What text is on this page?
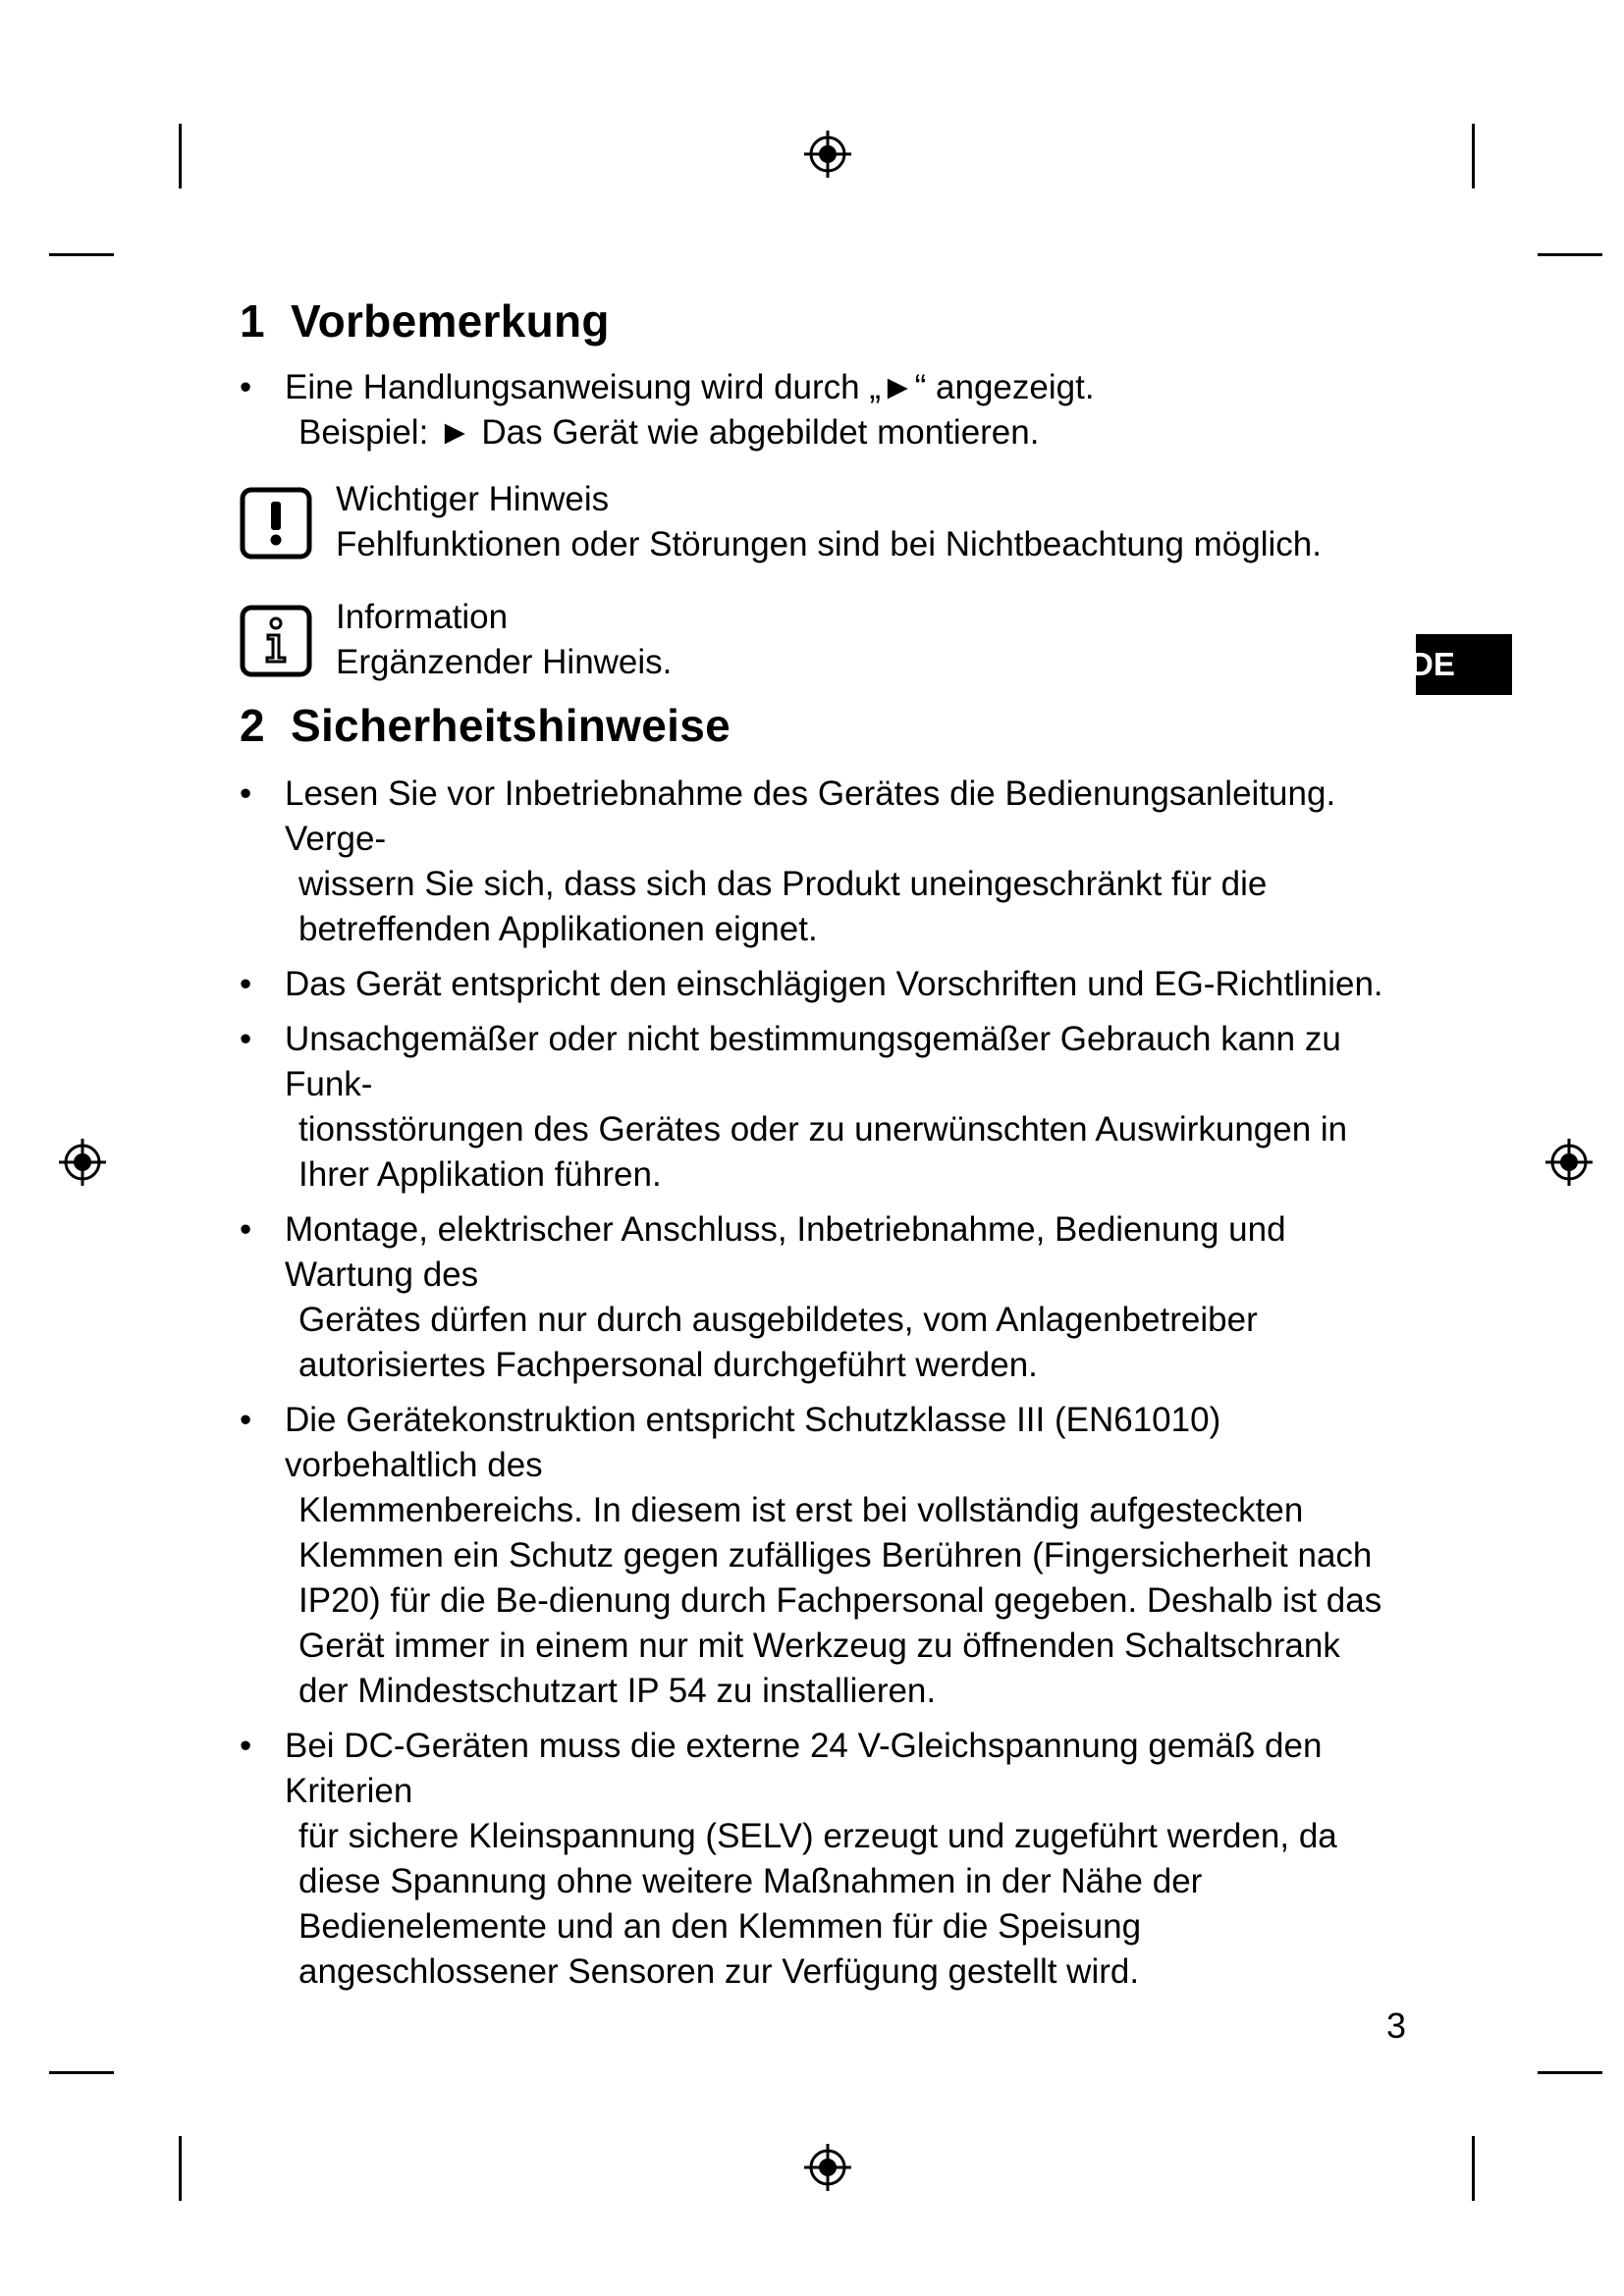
DE
1 Vorbemerkung
• Eine Handlungsanweisung wird durch „►“ angezeigt.
Beispiel: ► Das Gerät wie abgebildet montieren.
Wichtiger Hinweis
Fehlfunktionen oder Störungen sind bei Nichtbeachtung möglich.
Information
Ergänzender Hinweis.
2 Sicherheitshinweise
• Lesen Sie vor Inbetriebnahme des Gerätes die Bedienungsanleitung. Verge-
wissern Sie sich, dass sich das Produkt uneingeschränkt für die betreffenden Applikationen eignet.
• Das Gerät entspricht den einschlägigen Vorschriften und EG-Richtlinien.
• Unsachgemäßer oder nicht bestimmungsgemäßer Gebrauch kann zu Funk-
tionsstörungen des Gerätes oder zu unerwünschten Auswirkungen in Ihrer Applikation führen.
• Montage, elektrischer Anschluss, Inbetriebnahme, Bedienung und Wartung des
Gerätes dürfen nur durch ausgebildetes, vom Anlagenbetreiber autorisiertes Fachpersonal durchgeführt werden.
• Die Gerätekonstruktion entspricht Schutzklasse III (EN61010) vorbehaltlich des
Klemmenbereichs. In diesem ist erst bei vollständig aufgesteckten Klemmen ein Schutz gegen zufälliges Berühren (Fingersicherheit nach IP20) für die Be-dienung durch Fachpersonal gegeben. Deshalb ist das Gerät immer in einem nur mit Werkzeug zu öffnenden Schaltschrank der Mindestschutzart IP 54 zu installieren.
• Bei DC-Geräten muss die externe 24 V-Gleichspannung gemäß den Kriterien
für sichere Kleinspannung (SELV) erzeugt und zugeführt werden, da diese Spannung ohne weitere Maßnahmen in der Nähe der Bedienelemente und an den Klemmen für die Speisung angeschlossener Sensoren zur Verfügung gestellt wird.
3
